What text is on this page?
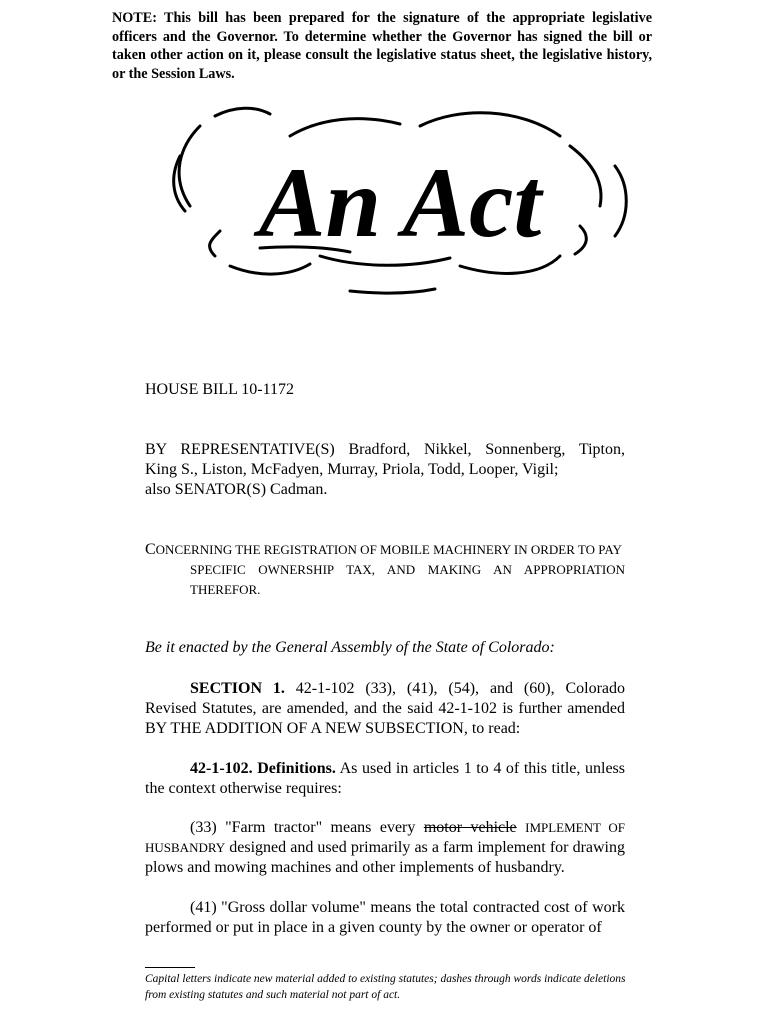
NOTE: This bill has been prepared for the signature of the appropriate legislative officers and the Governor. To determine whether the Governor has signed the bill or taken other action on it, please consult the legislative status sheet, the legislative history, or the Session Laws.
An Act
HOUSE BILL 10-1172
BY REPRESENTATIVE(S) Bradford, Nikkel, Sonnenberg, Tipton,
King S., Liston, McFadyen, Murray, Priola, Todd, Looper, Vigil;
also SENATOR(S) Cadman.
CONCERNING THE REGISTRATION OF MOBILE MACHINERY IN ORDER TO PAY
SPECIFIC OWNERSHIP TAX, AND MAKING AN APPROPRIATION
THEREFOR.
Be it enacted by the General Assembly of the State of Colorado:
SECTION 1. 42-1-102 (33), (41), (54), and (60), Colorado Revised Statutes, are amended, and the said 42-1-102 is further amended BY THE ADDITION OF A NEW SUBSECTION, to read:
42-1-102. Definitions. As used in articles 1 to 4 of this title, unless the context otherwise requires:
(33) "Farm tractor" means every motor vehicle IMPLEMENT OF HUSBANDRY designed and used primarily as a farm implement for drawing plows and mowing machines and other implements of husbandry.
(41) "Gross dollar volume" means the total contracted cost of work performed or put in place in a given county by the owner or operator of
Capital letters indicate new material added to existing statutes; dashes through words indicate deletions from existing statutes and such material not part of act.
